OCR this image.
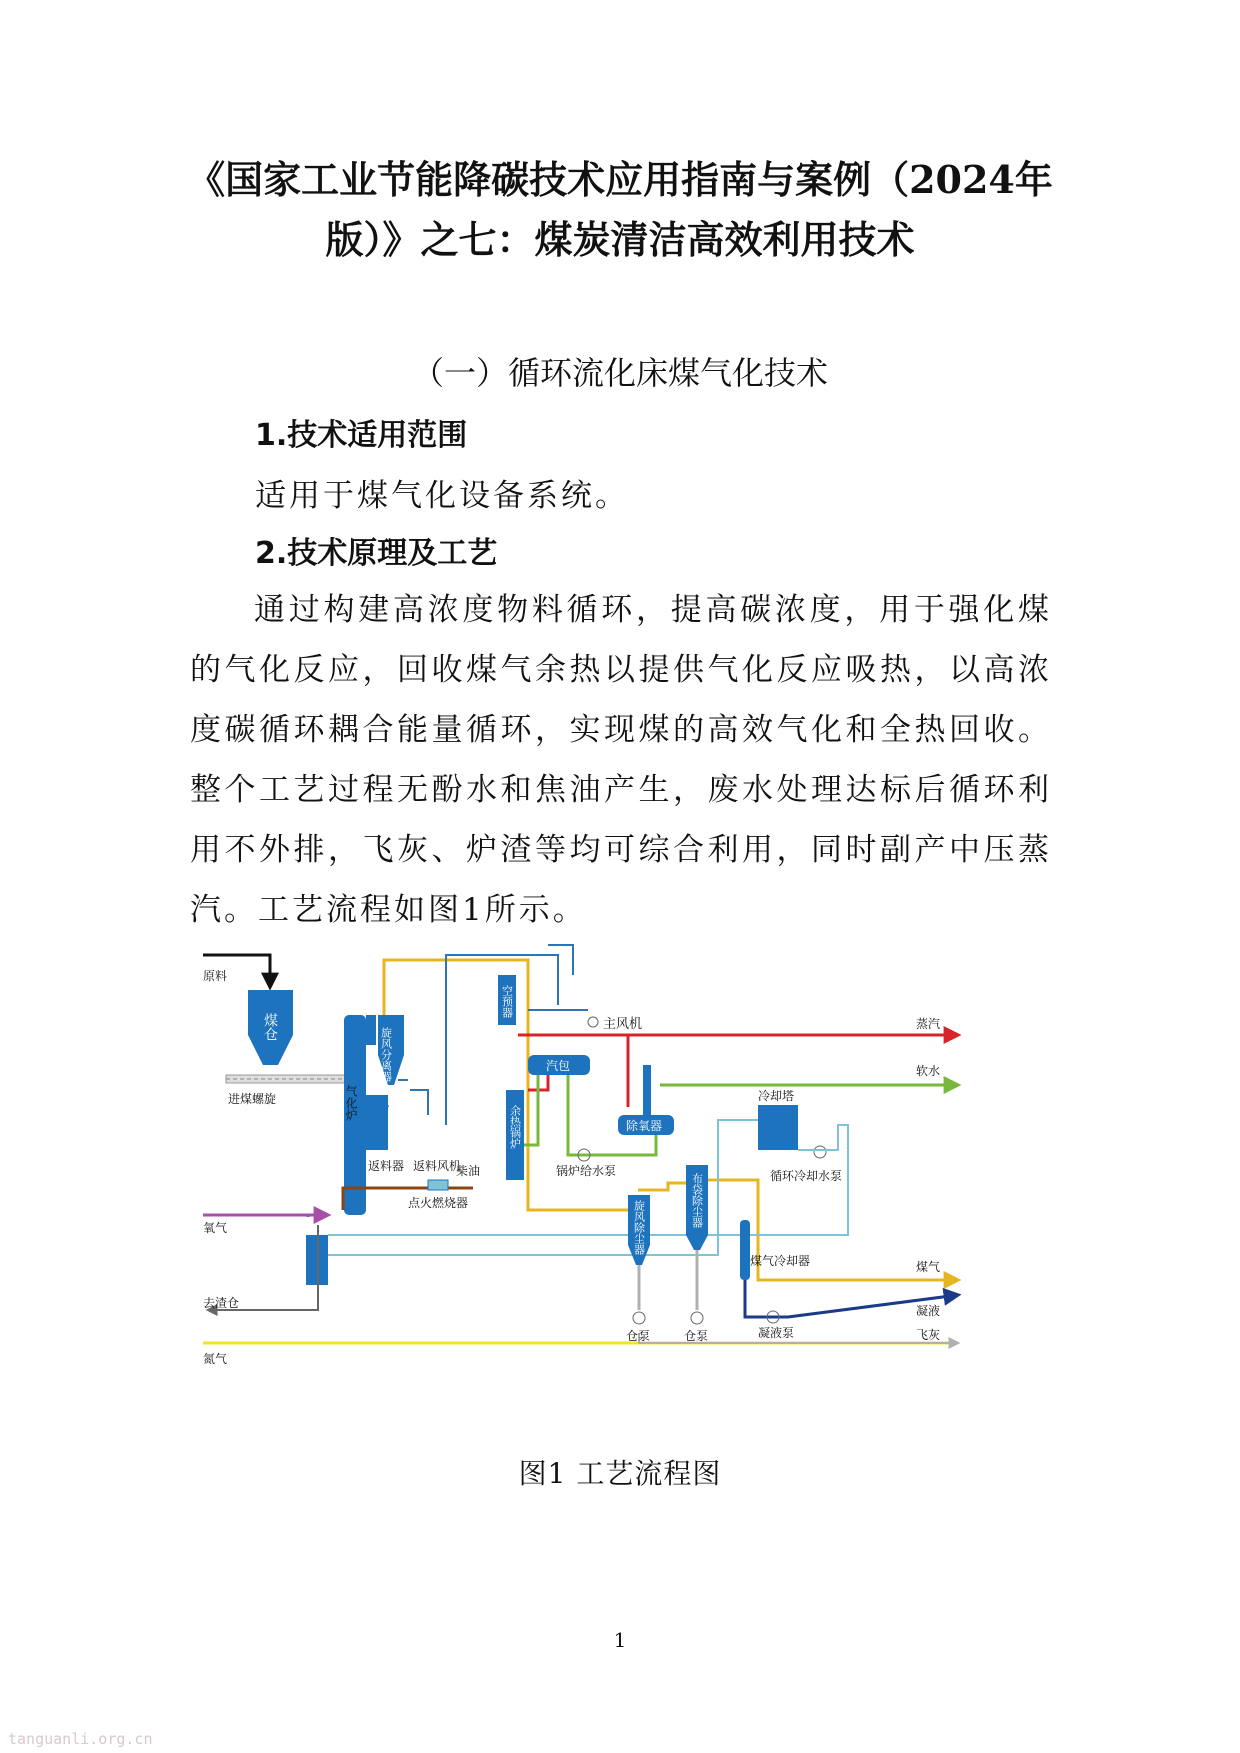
《国家工业节能降碳技术应用指南与案例（2024年
版）》之七：煤炭清洁高效利用技术
（一）循环流化床煤气化技术
1.技术适用范围
适用于煤气化设备系统。
2.技术原理及工艺
通过构建高浓度物料循环，提高碳浓度，用于强化煤的气化反应，回收煤气余热以提供气化反应吸热，以高浓度碳循环耦合能量循环，实现煤的高效气化和全热回收。整个工艺过程无酚水和焦油产生，废水处理达标后循环利用不外排，飞灰、炉渣等均可综合利用，同时副产中压蒸汽。工艺流程如图1所示。
煤仓
空预器
主风机
汽包
余热锅炉	除氧器
锅炉给水泵
冷却塔
循环冷却水泵
旋风除尘器	布袋除尘器
煤气冷却器
点火燃烧器
柴油
仓泵	仓泵	凝液泵
原料
进煤螺旋	气化炉
旋风分离器
返料器 返料风机
氧气
去渣仓
氮气
蒸汽
软水
煤气
凝液
飞灰
图1 工艺流程图
1
tanguanli.org.cn
